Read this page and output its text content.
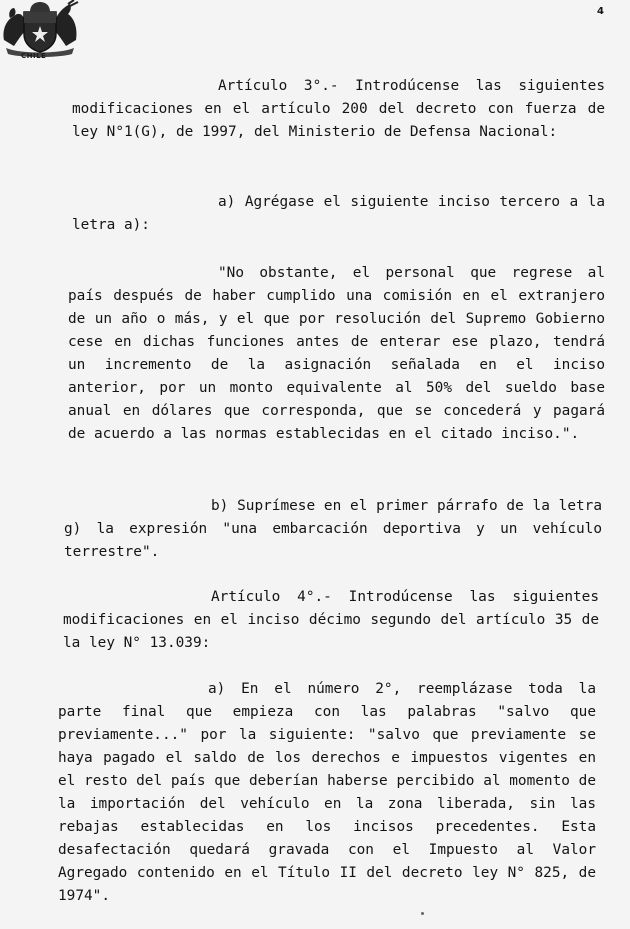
CHILE
4

Artículo 3°.- Introdúcense las siguientes modificaciones en el artículo 200 del decreto con fuerza de ley N°1(G), de 1997, del Ministerio de Defensa Nacional:

a) Agrégase el siguiente inciso tercero a la letra a):

"No obstante, el personal que regrese al país después de haber cumplido una comisión en el extranjero de un año o más, y el que por resolución del Supremo Gobierno cese en dichas funciones antes de enterar ese plazo, tendrá un incremento de la asignación señalada en el inciso anterior, por un monto equivalente al 50% del sueldo base anual en dólares que corresponda, que se concederá y pagará de acuerdo a las normas establecidas en el citado inciso.".

b) Suprímese en el primer párrafo de la letra g) la expresión "una embarcación deportiva y un vehículo terrestre".

Artículo 4°.- Introdúcense las siguientes modificaciones en el inciso décimo segundo del artículo 35 de la ley N° 13.039:

a) En el número 2°, reemplázase toda la parte final que empieza con las palabras "salvo que previamente..." por la siguiente: "salvo que previamente se haya pagado el saldo de los derechos e impuestos vigentes en el resto del país que deberían haberse percibido al momento de la importación del vehículo en la zona liberada, sin las rebajas establecidas en los incisos precedentes. Esta desafectación quedará gravada con el Impuesto al Valor Agregado contenido en el Título II del decreto ley N° 825, de 1974".
